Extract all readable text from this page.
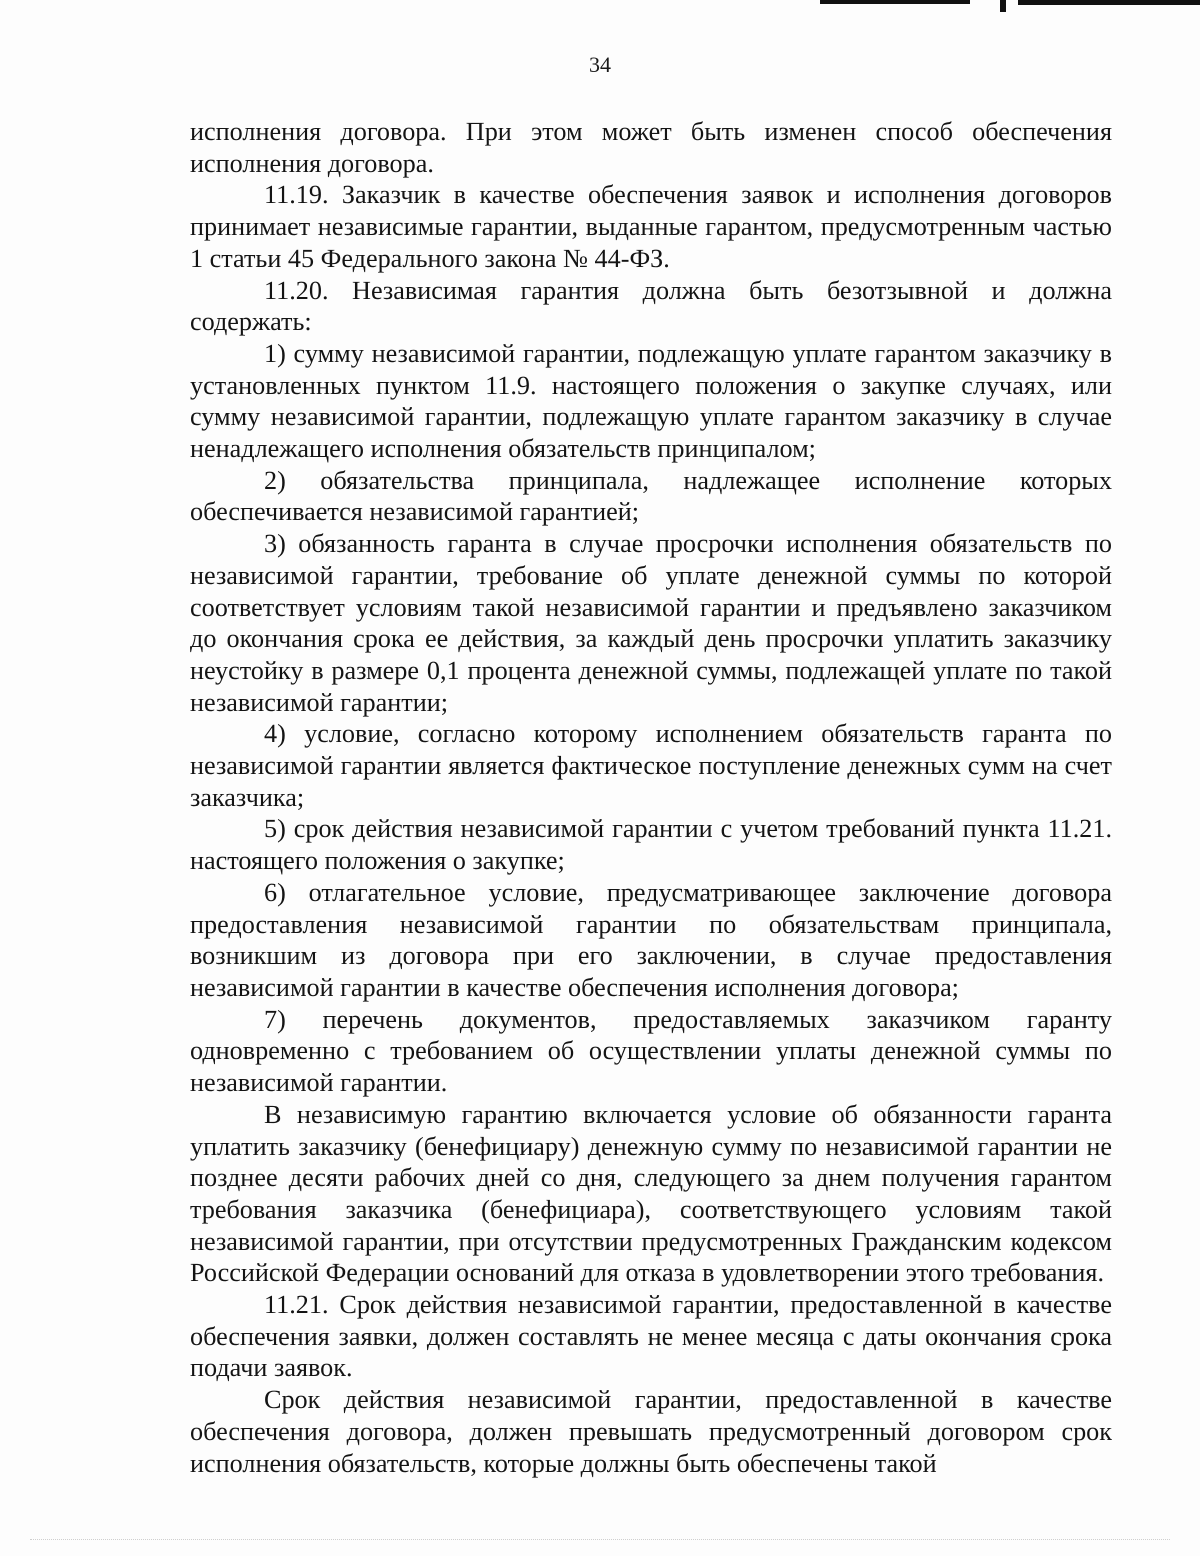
34

исполнения договора. При этом может быть изменен способ обеспечения исполнения договора.

11.19. Заказчик в качестве обеспечения заявок и исполнения договоров принимает независимые гарантии, выданные гарантом, предусмотренным частью 1 статьи 45 Федерального закона № 44-ФЗ.

11.20. Независимая гарантия должна быть безотзывной и должна содержать:

1) сумму независимой гарантии, подлежащую уплате гарантом заказчику в установленных пунктом 11.9. настоящего положения о закупке случаях, или сумму независимой гарантии, подлежащую уплате гарантом заказчику в случае ненадлежащего исполнения обязательств принципалом;

2) обязательства принципала, надлежащее исполнение которых обеспечивается независимой гарантией;

3) обязанность гаранта в случае просрочки исполнения обязательств по независимой гарантии, требование об уплате денежной суммы по которой соответствует условиям такой независимой гарантии и предъявлено заказчиком до окончания срока ее действия, за каждый день просрочки уплатить заказчику неустойку в размере 0,1 процента денежной суммы, подлежащей уплате по такой независимой гарантии;

4) условие, согласно которому исполнением обязательств гаранта по независимой гарантии является фактическое поступление денежных сумм на счет заказчика;

5) срок действия независимой гарантии с учетом требований пункта 11.21. настоящего положения о закупке;

6) отлагательное условие, предусматривающее заключение договора предоставления независимой гарантии по обязательствам принципала, возникшим из договора при его заключении, в случае предоставления независимой гарантии в качестве обеспечения исполнения договора;

7) перечень документов, предоставляемых заказчиком гаранту одновременно с требованием об осуществлении уплаты денежной суммы по независимой гарантии.

В независимую гарантию включается условие об обязанности гаранта уплатить заказчику (бенефициару) денежную сумму по независимой гарантии не позднее десяти рабочих дней со дня, следующего за днем получения гарантом требования заказчика (бенефициара), соответствующего условиям такой независимой гарантии, при отсутствии предусмотренных Гражданским кодексом Российской Федерации оснований для отказа в удовлетворении этого требования.

11.21. Срок действия независимой гарантии, предоставленной в качестве обеспечения заявки, должен составлять не менее месяца с даты окончания срока подачи заявок.

Срок действия независимой гарантии, предоставленной в качестве обеспечения договора, должен превышать предусмотренный договором срок исполнения обязательств, которые должны быть обеспечены такой
